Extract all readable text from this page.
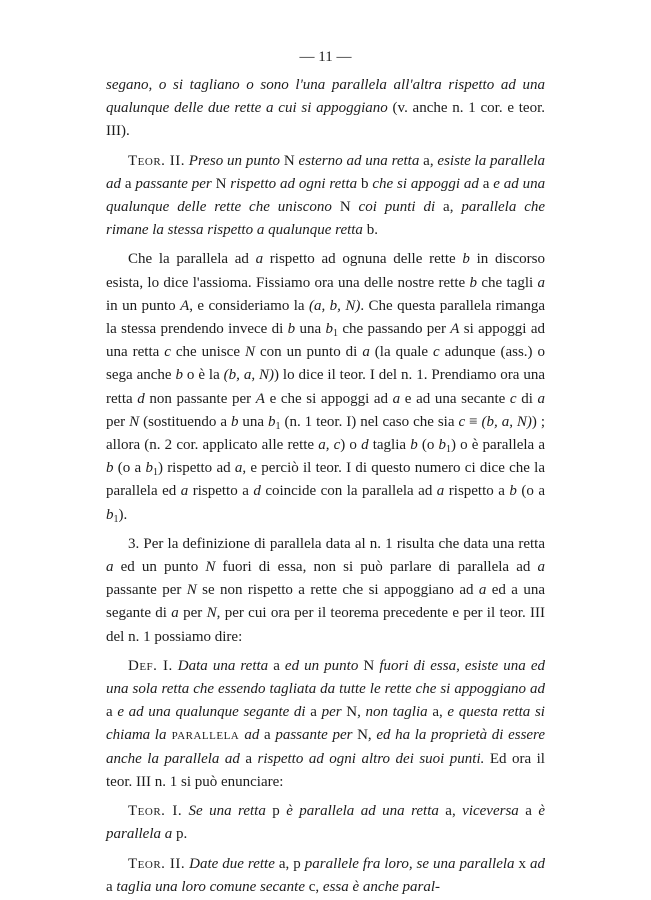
— 11 —

segano, o si tagliano o sono l'una parallela all'altra rispetto ad una qualunque delle due rette a cui si appoggiano (v. anche n. 1 cor. e teor. III).

Teor. II. Preso un punto N esterno ad una retta a, esiste la parallela ad a passante per N rispetto ad ogni retta b che si appoggi ad a e ad una qualunque delle rette che uniscono N coi punti di a, parallela che rimane la stessa rispetto a qualunque retta b.

Che la parallela ad a rispetto ad ognuna delle rette b in discorso esista, lo dice l'assioma. Fissiamo ora una delle nostre rette b che tagli a in un punto A, e consideriamo la (a, b, N). Che questa parallela rimanga la stessa prendendo invece di b una $b_1$ che passando per A si appoggi ad una retta c che unisce N con un punto di a (la quale c adunque (ass.) o sega anche b o è la (b, a, N)) lo dice il teor. I del n. 1. Prendiamo ora una retta d non passante per A e che si appoggi ad a e ad una secante c di a per N (sostituendo a b una $b_1$ (n. 1 teor. I) nel caso che sia c ≡ (b, a, N)) ; allora (n. 2 cor. applicato alle rette a, c) o d taglia b (o $b_1$) o è parallela a b (o a $b_1$) rispetto ad a, e perciò il teor. I di questo numero ci dice che la parallela ed a rispetto a d coincide con la parallela ad a rispetto a b (o a $b_1$).

3. Per la definizione di parallela data al n. 1 risulta che data una retta a ed un punto N fuori di essa, non si può parlare di parallela ad a passante per N se non rispetto a rette che si appoggiano ad a ed a una segante di a per N, per cui ora per il teorema precedente e per il teor. III del n. 1 possiamo dire:

Def. I. Data una retta a ed un punto N fuori di essa, esiste una ed una sola retta che essendo tagliata da tutte le rette che si appoggiano ad a e ad una qualunque segante di a per N, non taglia a, e questa retta si chiama la parallela ad a passante per N, ed ha la proprietà di essere anche la parallela ad a rispetto ad ogni altro dei suoi punti. Ed ora il teor. III n. 1 si può enunciare:

Teor. I. Se una retta p è parallela ad una retta a, viceversa a è parallela a p.

Teor. II. Date due rette a, p parallele fra loro, se una parallela x ad a taglia una loro comune secante c, essa è anche paral-
